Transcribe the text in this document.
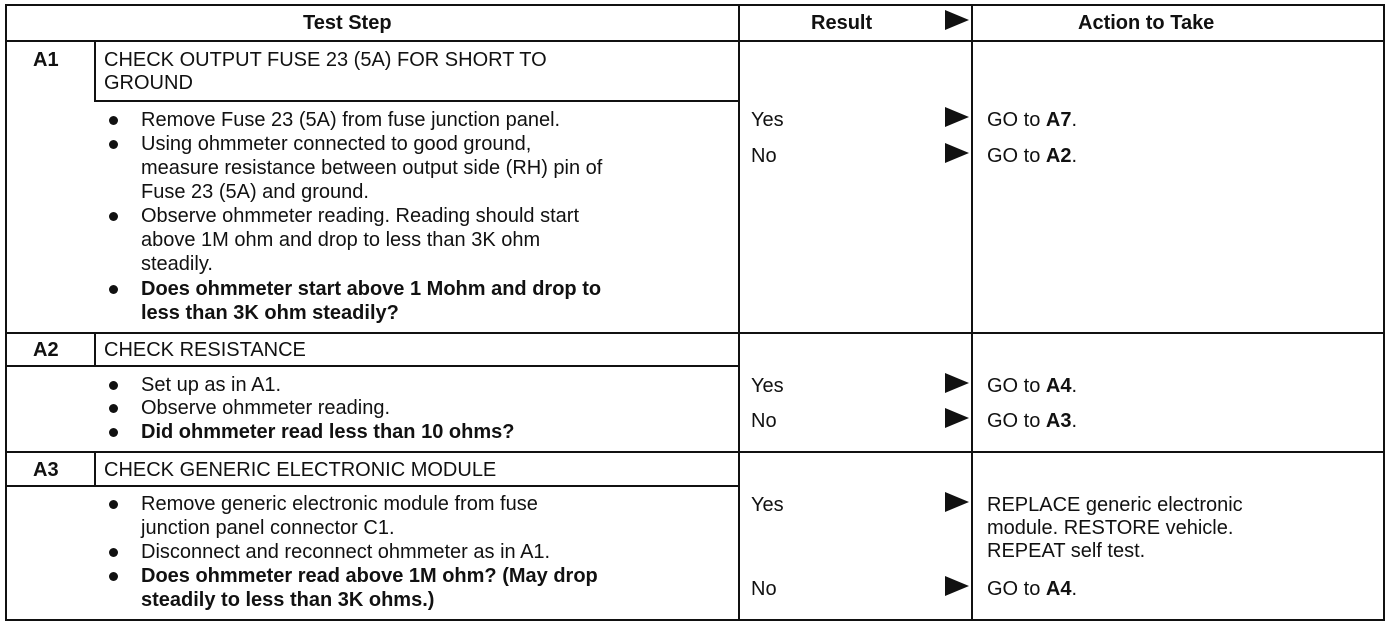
Test Step	Result	Action to Take
A1 CHECK OUTPUT FUSE 23 (5A) FOR SHORT TO
GROUND
Remove Fuse 23 (5A) from fuse junction panel.
Using ohmmeter connected to good ground,
measure resistance between output side (RH) pin of
Fuse 23 (5A) and ground.
Observe ohmmeter reading. Reading should start
above 1M ohm and drop to less than 3K ohm
steadily.
Does ohmmeter start above 1 Mohm and drop to
less than 3K ohm steadily?
Yes	GO to A7.
No	GO to A2.
A2 CHECK RESISTANCE
Set up as in A1.
Observe ohmmeter reading.
Did ohmmeter read less than 10 ohms?
Yes	GO to A4.
No	GO to A3.
A3 CHECK GENERIC ELECTRONIC MODULE
Remove generic electronic module from fuse
junction panel connector C1.
Disconnect and reconnect ohmmeter as in A1.
Does ohmmeter read above 1M ohm? (May drop
steadily to less than 3K ohms.)
Yes	REPLACE generic electronic
module. RESTORE vehicle.
REPEAT self test.
No	GO to A4.
